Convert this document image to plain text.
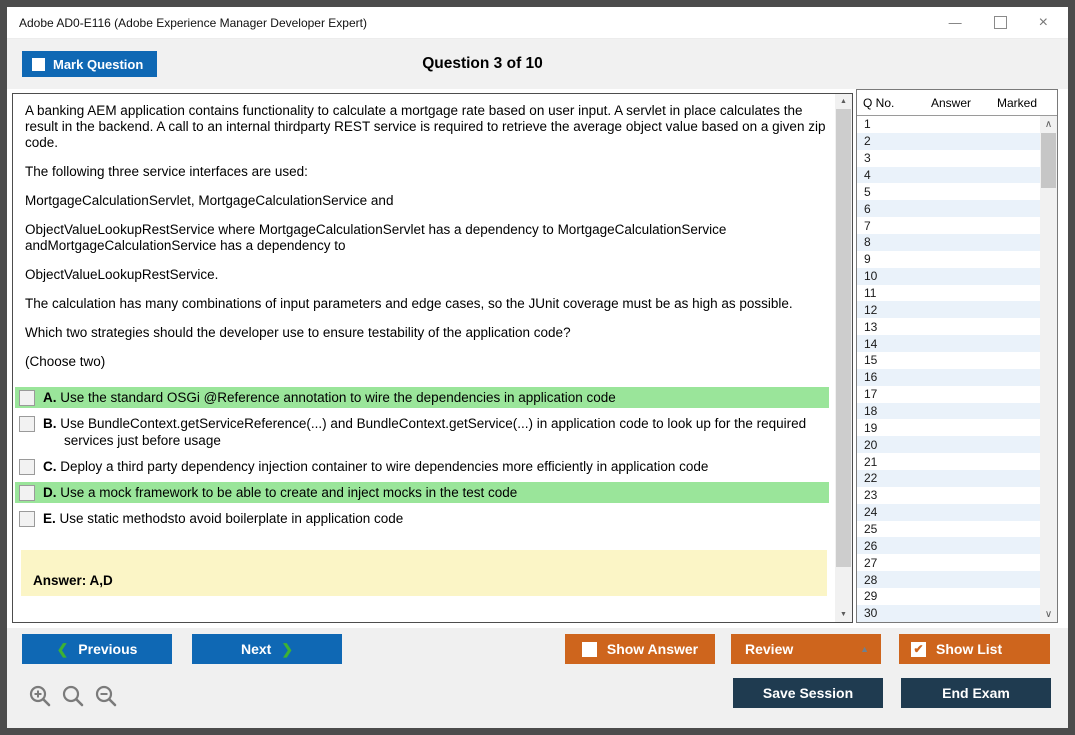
Adobe AD0-E116 (Adobe Experience Manager Developer Expert)	—	×
Mark Question	Question 3 of 10

A banking AEM application contains functionality to calculate a mortgage rate based on user input. A servlet in place calculates the result in the backend. A call to an internal thirdparty REST service is required to retrieve the average object value based on a given zip code.

The following three service interfaces are used:

MortgageCalculationServlet, MortgageCalculationService and

ObjectValueLookupRestService where MortgageCalculationServlet has a dependency to MortgageCalculationService andMortgageCalculationService has a dependency to

ObjectValueLookupRestService.

The calculation has many combinations of input parameters and edge cases, so the JUnit coverage must be as high as possible.

Which two strategies should the developer use to ensure testability of the application code?

(Choose two)

A. Use the standard OSGi @Reference annotation to wire the dependencies in application code
B. Use BundleContext.getServiceReference(...) and BundleContext.getService(...) in application code to look up for the required services just before usage
C. Deploy a third party dependency injection container to wire dependencies more efficiently in application code
D. Use a mock framework to be able to create and inject mocks in the test code
E. Use static methodsto avoid boilerplate in application code
Answer: A,D
▲
▼
Q No.	Answer	Marked
1
2
3
4
5
6
7
8
9
10
11
12
13
14
15
16
17
18
19
20
21
22
23
24
25
26
27
28
29
30
∧
∨
❮ Previous	Next ❯	Show Answer	Review	▲	✔ Show List
Save Session	End Exam
